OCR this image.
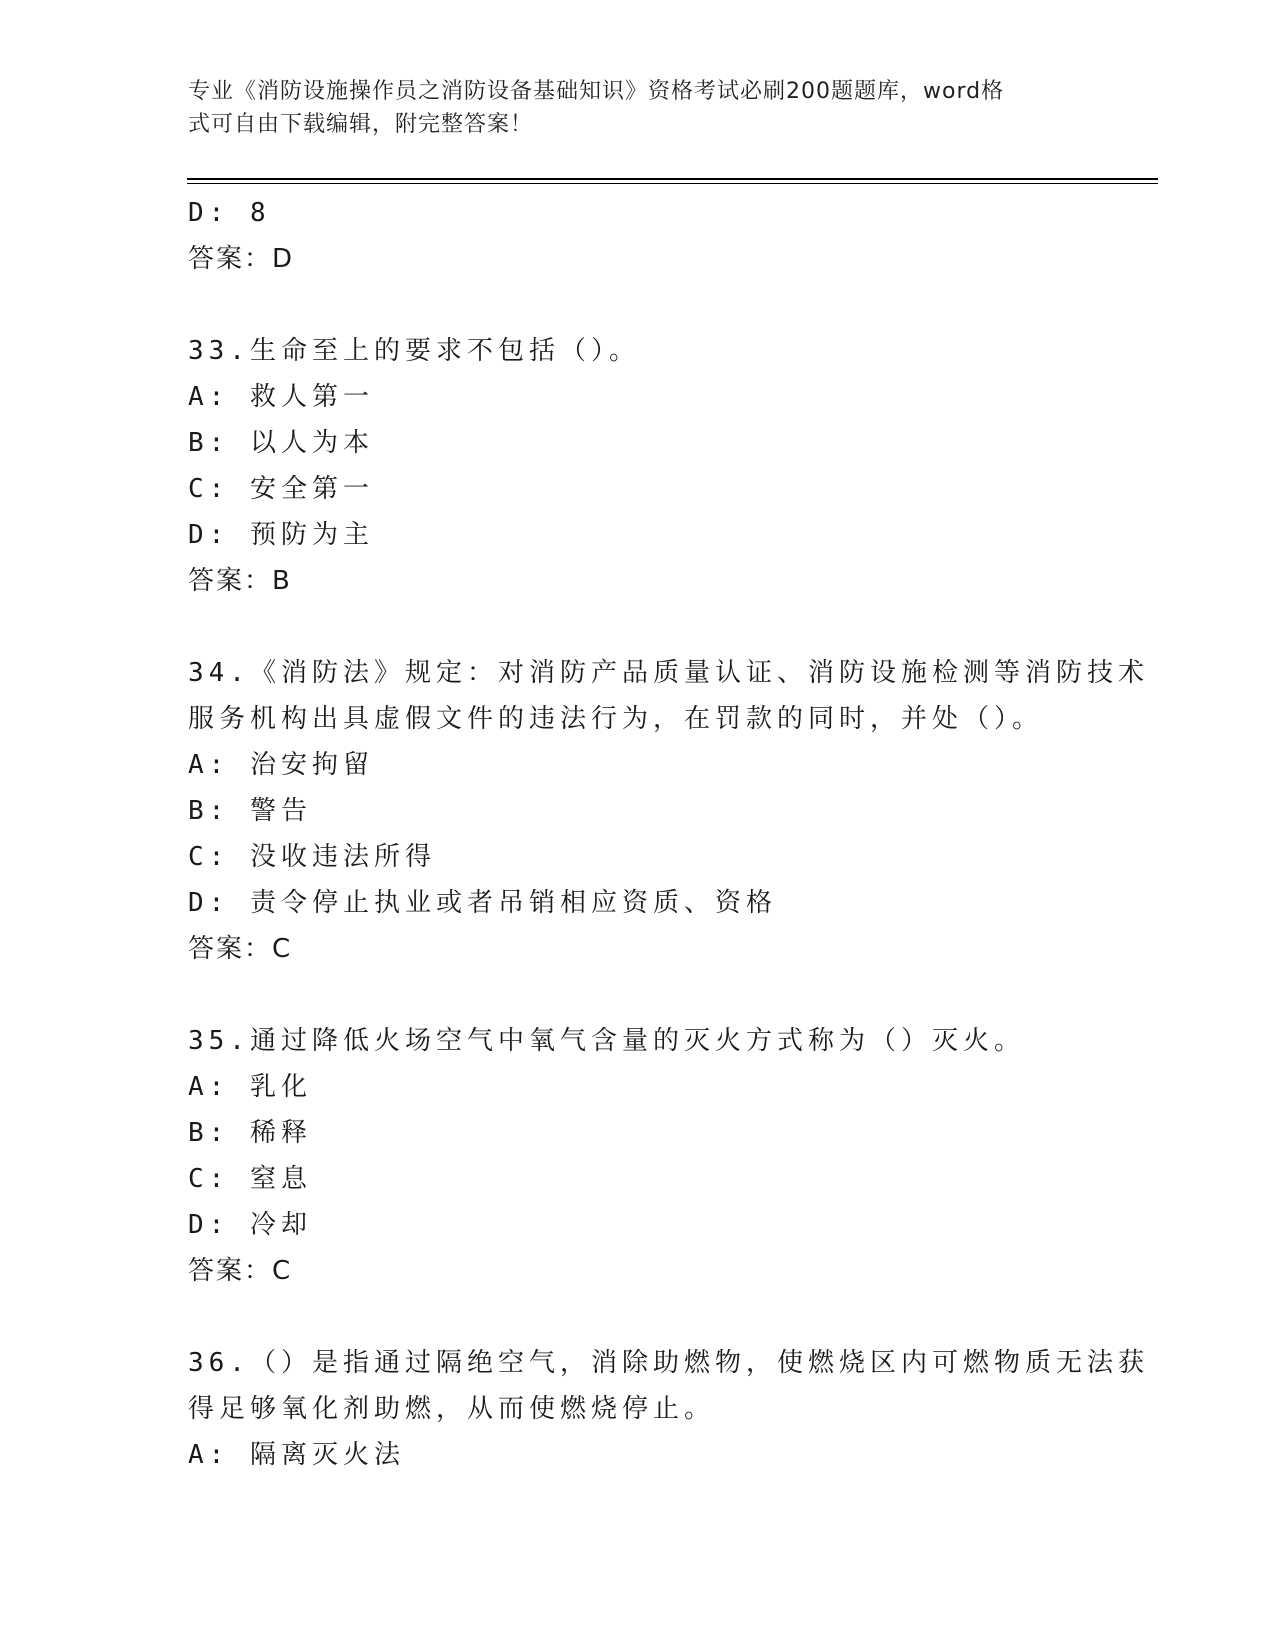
专业《消防设施操作员之消防设备基础知识》资格考试必刷200题题库，word格
式可自由下载编辑，附完整答案！
D: 8
答案：D
33.生命至上的要求不包括（）。
A: 救人第一
B: 以人为本
C: 安全第一
D: 预防为主
答案：B
34.《消防法》规定：对消防产品质量认证、消防设施检测等消防技术
服务机构出具虚假文件的违法行为，在罚款的同时，并处（）。
A: 治安拘留
B: 警告
C: 没收违法所得
D: 责令停止执业或者吊销相应资质、资格
答案：C
35.通过降低火场空气中氧气含量的灭火方式称为（）灭火。
A: 乳化
B: 稀释
C: 窒息
D: 冷却
答案：C
36.（）是指通过隔绝空气，消除助燃物，使燃烧区内可燃物质无法获
得足够氧化剂助燃，从而使燃烧停止。
A: 隔离灭火法
